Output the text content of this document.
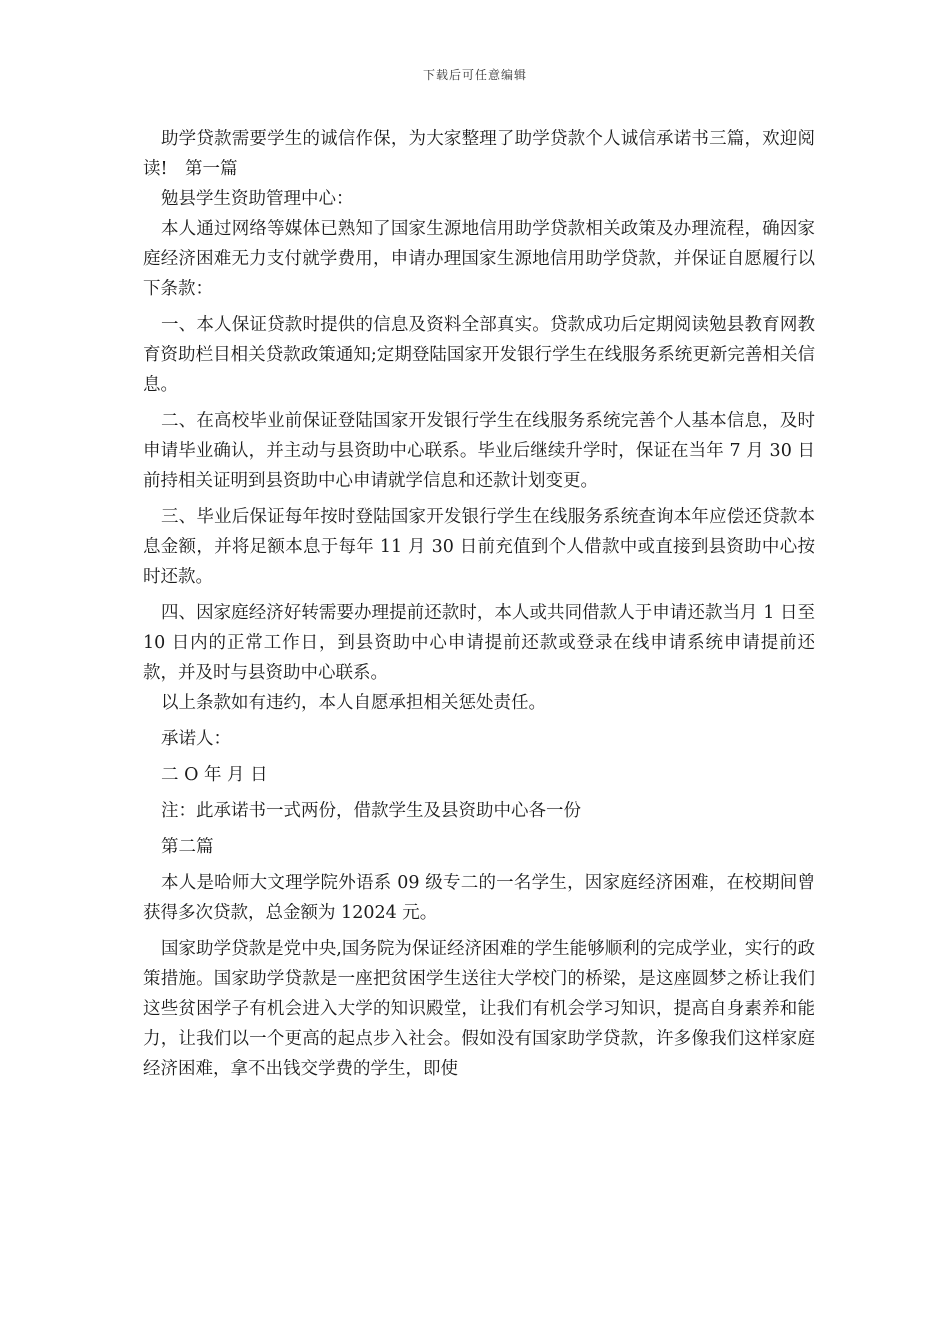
下载后可任意编辑

助学贷款需要学生的诚信作保，为大家整理了助学贷款个人诚信承诺书三篇，欢迎阅读!　第一篇

勉县学生资助管理中心：

本人通过网络等媒体已熟知了国家生源地信用助学贷款相关政策及办理流程，确因家庭经济困难无力支付就学费用，申请办理国家生源地信用助学贷款，并保证自愿履行以下条款：

一、本人保证贷款时提供的信息及资料全部真实。贷款成功后定期阅读勉县教育网教育资助栏目相关贷款政策通知;定期登陆国家开发银行学生在线服务系统更新完善相关信息。

二、在高校毕业前保证登陆国家开发银行学生在线服务系统完善个人基本信息，及时申请毕业确认，并主动与县资助中心联系。毕业后继续升学时，保证在当年 7 月 30 日前持相关证明到县资助中心申请就学信息和还款计划变更。

三、毕业后保证每年按时登陆国家开发银行学生在线服务系统查询本年应偿还贷款本息金额，并将足额本息于每年 11 月 30 日前充值到个人借款中或直接到县资助中心按时还款。

四、因家庭经济好转需要办理提前还款时，本人或共同借款人于申请还款当月 1 日至 10 日内的正常工作日，到县资助中心申请提前还款或登录在线申请系统申请提前还款，并及时与县资助中心联系。

以上条款如有违约，本人自愿承担相关惩处责任。

承诺人：

二 O 年 月 日

注：此承诺书一式两份，借款学生及县资助中心各一份

第二篇

本人是哈师大文理学院外语系 09 级专二的一名学生，因家庭经济困难，在校期间曾获得多次贷款，总金额为 12024 元。

国家助学贷款是党中央,国务院为保证经济困难的学生能够顺利的完成学业，实行的政策措施。国家助学贷款是一座把贫困学生送往大学校门的桥梁，是这座圆梦之桥让我们这些贫困学子有机会进入大学的知识殿堂，让我们有机会学习知识，提高自身素养和能力，让我们以一个更高的起点步入社会。假如没有国家助学贷款，许多像我们这样家庭经济困难，拿不出钱交学费的学生，即使
